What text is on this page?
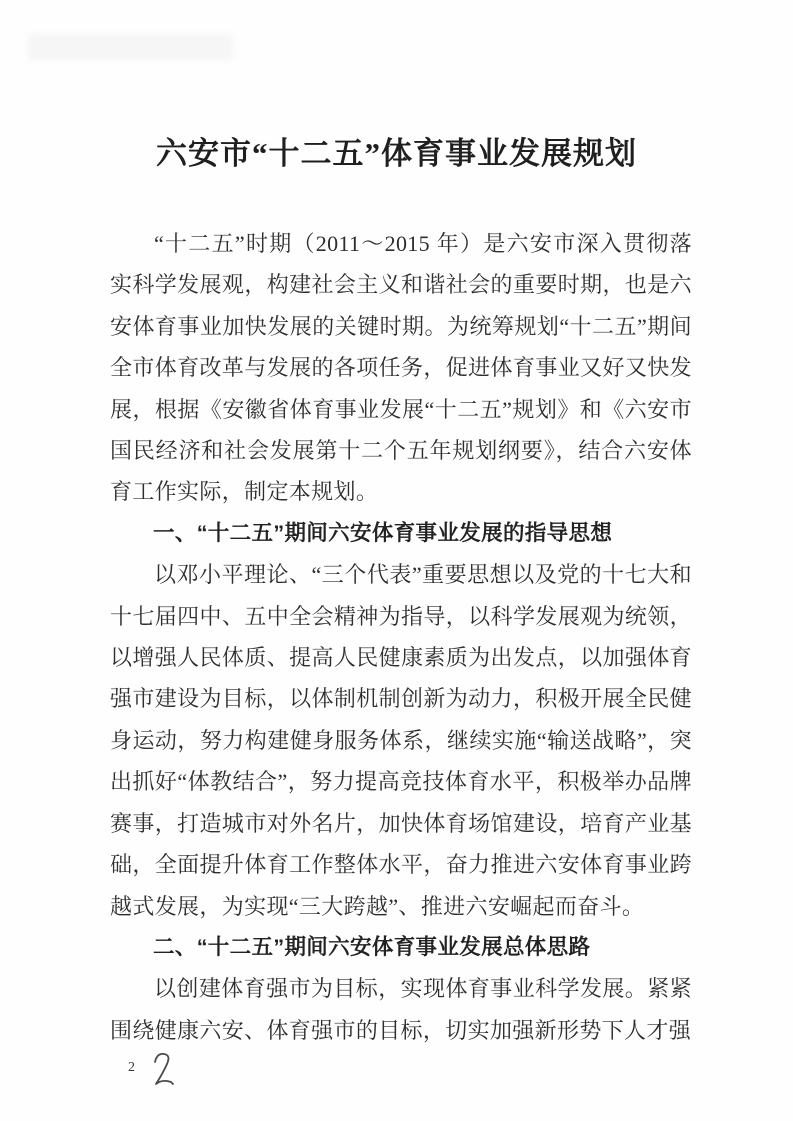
六安市“十二五”体育事业发展规划

“十二五”时期（2011～2015 年）是六安市深入贯彻落实科学发展观，构建社会主义和谐社会的重要时期，也是六安体育事业加快发展的关键时期。为统筹规划“十二五”期间全市体育改革与发展的各项任务，促进体育事业又好又快发展，根据《安徽省体育事业发展“十二五”规划》和《六安市国民经济和社会发展第十二个五年规划纲要》，结合六安体育工作实际，制定本规划。

一、“十二五”期间六安体育事业发展的指导思想

以邓小平理论、“三个代表”重要思想以及党的十七大和十七届四中、五中全会精神为指导，以科学发展观为统领，以增强人民体质、提高人民健康素质为出发点，以加强体育强市建设为目标，以体制机制创新为动力，积极开展全民健身运动，努力构建健身服务体系，继续实施“输送战略”，突出抓好“体教结合”，努力提高竞技体育水平，积极举办品牌赛事，打造城市对外名片，加快体育场馆建设，培育产业基础，全面提升体育工作整体水平，奋力推进六安体育事业跨越式发展，为实现“三大跨越”、推进六安崛起而奋斗。

二、“十二五”期间六安体育事业发展总体思路

以创建体育强市为目标，实现体育事业科学发展。紧紧围绕健康六安、体育强市的目标，切实加强新形势下人才强

2
